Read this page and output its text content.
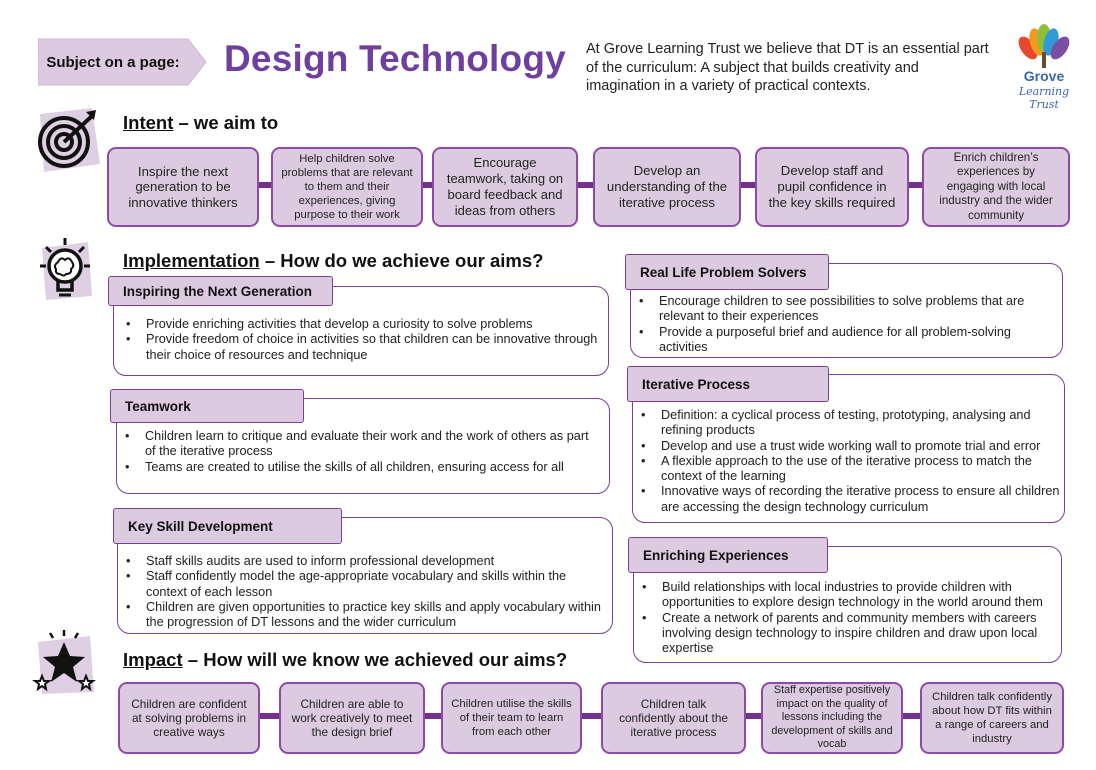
Subject on a page: Design Technology At Grove Learning Trust we believe that DT is an essential part of the curriculum: A subject that builds creativity and imagination in a variety of practical contexts.
Grove
Learning Trust
Intent – we aim to
Inspire the next generation to be innovative thinkers
Help children solve problems that are relevant to them and their experiences, giving purpose to their work
Encourage teamwork, taking on board feedback and ideas from others
Develop an understanding of the iterative process
Develop staff and pupil confidence in the key skills required
Enrich children’s experiences by engaging with local industry and the wider community
Implementation – How do we achieve our aims?
• Provide enriching activities that develop a curiosity to solve problems
• Provide freedom of choice in activities so that children can be innovative through their choice of resources and technique
Inspiring the Next Generation
• Children learn to critique and evaluate their work and the work of others as part of the iterative process
• Teams are created to utilise the skills of all children, ensuring access for all
Teamwork
• Staff skills audits are used to inform professional development
• Staff confidently model the age-appropriate vocabulary and skills within the context of each lesson
• Children are given opportunities to practice key skills and apply vocabulary within the progression of DT lessons and the wider curriculum
Key Skill Development
• Encourage children to see possibilities to solve problems that are relevant to their experiences
• Provide a purposeful brief and audience for all problem-solving activities
Real Life Problem Solvers
• Definition: a cyclical process of testing, prototyping, analysing and refining products
• Develop and use a trust wide working wall to promote trial and error
• A flexible approach to the use of the iterative process to match the context of the learning
• Innovative ways of recording the iterative process to ensure all children are accessing the design technology curriculum
Iterative Process
• Build relationships with local industries to provide children with opportunities to explore design technology in the world around them
• Create a network of parents and community members with careers involving design technology to inspire children and draw upon local expertise
Enriching Experiences
Impact – How will we know we achieved our aims?
Children are confident at solving problems in creative ways
Children are able to work creatively to meet the design brief
Children utilise the skills of their team to learn from each other
Children talk confidently about the iterative process
Staff expertise positively impact on the quality of lessons including the development of skills and vocab
Children talk confidently about how DT fits within a range of careers and industry
